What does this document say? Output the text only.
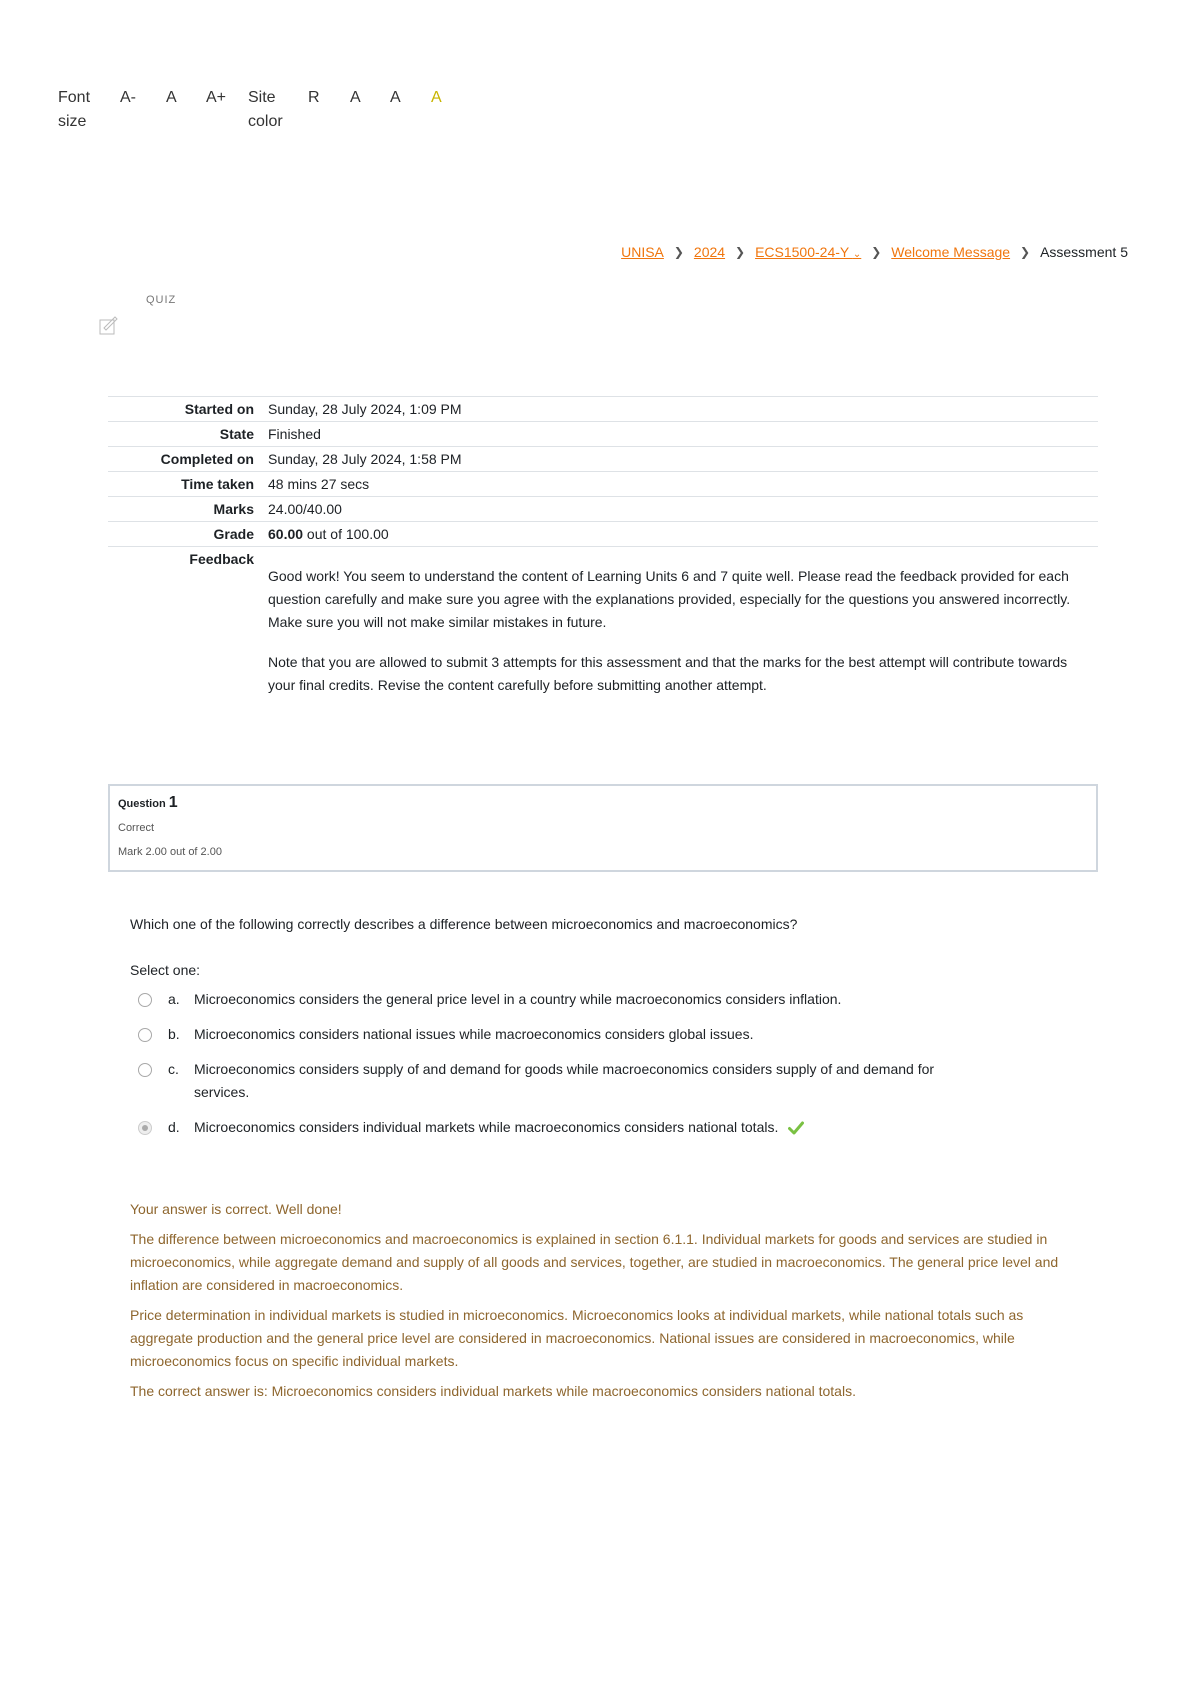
Font
size
A- A A+ Site
color
R A A A
UNISA ❯ 2024 ❯ ECS1500-24-Y ⌄ ❯ Welcome Message ❯ Assessment 5
QUIZ
Started on	Sunday, 28 July 2024, 1:09 PM
State	Finished
Completed on	Sunday, 28 July 2024, 1:58 PM
Time taken	48 mins 27 secs
Marks	24.00/40.00
Grade	60.00 out of 100.00
Feedback	Good work! You seem to understand the content of Learning Units 6 and 7 quite well. Please read the feedback provided for each question carefully and make sure you agree with the explanations provided, especially for the questions you answered incorrectly. Make sure you will not make similar mistakes in future.

Note that you are allowed to submit 3 attempts for this assessment and that the marks for the best attempt will contribute towards your final credits. Revise the content carefully before submitting another attempt.

Question 1
Correct
Mark 2.00 out of 2.00
Which one of the following correctly describes a difference between microeconomics and macroeconomics?
Select one:
a. Microeconomics considers the general price level in a country while macroeconomics considers inflation.
b. Microeconomics considers national issues while macroeconomics considers global issues.
c. Microeconomics considers supply of and demand for goods while macroeconomics considers supply of and demand for
services.
d. Microeconomics considers individual markets while macroeconomics considers national totals.

Your answer is correct. Well done!

The difference between microeconomics and macroeconomics is explained in section 6.1.1. Individual markets for goods and services are studied in microeconomics, while aggregate demand and supply of all goods and services, together, are studied in macroeconomics. The general price level and inflation are considered in macroeconomics.

Price determination in individual markets is studied in microeconomics. Microeconomics looks at individual markets, while national totals such as aggregate production and the general price level are considered in macroeconomics. National issues are considered in macroeconomics, while microeconomics focus on specific individual markets.

The correct answer is: Microeconomics considers individual markets while macroeconomics considers national totals.
